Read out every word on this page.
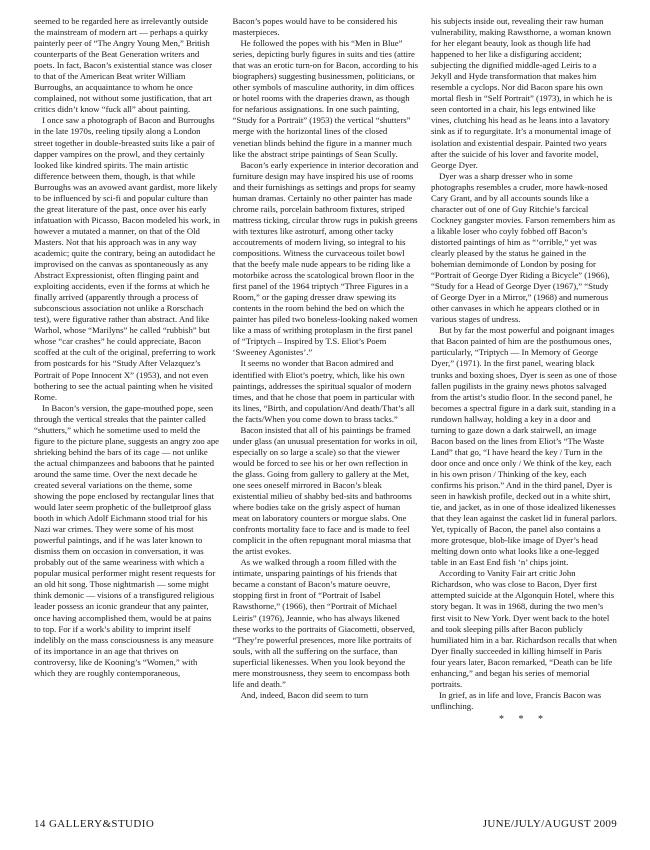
seemed to be regarded here as irrelevantly outside the mainstream of modern art — perhaps a quirky painterly peer of “The Angry Young Men,” British counterparts of the Beat Generation writers and poets. In fact, Bacon’s existential stance was closer to that of the American Beat writer William Burroughs, an acquaintance to whom he once complained, not without some justification, that art critics didn’t know “fuck all” about painting.

I once saw a photograph of Bacon and Burroughs in the late 1970s, reeling tipsily along a London street together in double-breasted suits like a pair of dapper vampires on the prowl, and they certainly looked like kindred spirits. The main artistic difference between them, though, is that while Burroughs was an avowed avant gardist, more likely to be influenced by sci-fi and popular culture than the great literature of the past, once over his early infatuation with Picasso, Bacon modeled his work, in however a mutated a manner, on that of the Old Masters. Not that his approach was in any way academic; quite the contrary, being an autodidact he improvised on the canvas as spontaneously as any Abstract Expressionist, often flinging paint and exploiting accidents, even if the forms at which he finally arrived (apparently through a process of subconscious association not unlike a Rorschach test), were figurative rather than abstract. And like Warhol, whose “Marilyns” he called “rubbish” but whose “car crashes” he could appreciate, Bacon scoffed at the cult of the original, preferring to work from postcards for his “Study After Velazquez’s Portrait of Pope Innocent X” (1953), and not even bothering to see the actual painting when he visited Rome.

In Bacon’s version, the gape-mouthed pope, seen through the vertical streaks that the painter called “shutters,” which he sometime used to meld the figure to the picture plane, suggests an angry zoo ape shrieking behind the bars of its cage — not unlike the actual chimpanzees and baboons that he painted around the same time. Over the next decade he created several variations on the theme, some showing the pope enclosed by rectangular lines that would later seem prophetic of the bulletproof glass booth in which Adolf Eichmann stood trial for his Nazi war crimes. They were some of his most powerful paintings, and if he was later known to dismiss them on occasion in conversation, it was probably out of the same weariness with which a popular musical performer might resent requests for an old hit song. Those nightmarish — some might think demonic — visions of a transfigured religious leader possess an iconic grandeur that any painter, once having accomplished them, would be at pains to top. For if a work’s ability to imprint itself indelibly on the mass consciousness is any measure of its importance in an age that thrives on controversy, like de Kooning’s “Women,” with which they are roughly contemporaneous,

Bacon’s popes would have to be considered his masterpieces.

He followed the popes with his “Men in Blue” series, depicting burly figures in suits and ties (attire that was an erotic turn-on for Bacon, according to his biographers) suggesting businessmen, politicians, or other symbols of masculine authority, in dim offices or hotel rooms with the draperies drawn, as though for nefarious assignations. In one such painting, “Study for a Portrait” (1953) the vertical “shutters” merge with the horizontal lines of the closed venetian blinds behind the figure in a manner much like the abstract stripe paintings of Sean Scully.

Bacon’s early experience in interior decoration and furniture design may have inspired his use of rooms and their furnishings as settings and props for seamy human dramas. Certainly no other painter has made chrome rails, porcelain bathroom fixtures, striped mattress ticking, circular throw rugs in pukish greens with textures like astroturf, among other tacky accoutrements of modern living, so integral to his compositions. Witness the curvaceous toilet bowl that the beefy male nude appears to be riding like a motorbike across the scatological brown floor in the first panel of the 1964 triptych “Three Figures in a Room,” or the gaping dresser draw spewing its contents in the room behind the bed on which the painter has piled two boneless-looking naked women like a mass of writhing protoplasm in the first panel of “Triptych – Inspired by T.S. Eliot’s Poem ‘Sweeney Agonistes’.”

It seems no wonder that Bacon admired and identified with Eliot’s poetry, which, like his own paintings, addresses the spiritual squalor of modern times, and that he chose that poem in particular with its lines, “Birth, and copulation/And death/That’s all the facts/When you come down to brass tacks.”

Bacon insisted that all of his paintings be framed under glass (an unusual presentation for works in oil, especially on so large a scale) so that the viewer would be forced to see his or her own reflection in the glass. Going from gallery to gallery at the Met, one sees oneself mirrored in Bacon’s bleak existential milieu of shabby bed-sits and bathrooms where bodies take on the grisly aspect of human meat on laboratory counters or morgue slabs. One confronts mortality face to face and is made to feel complicit in the often repugnant moral miasma that the artist evokes.

As we walked through a room filled with the intimate, unsparing paintings of his friends that became a constant of Bacon’s mature oeuvre, stopping first in front of “Portrait of Isabel Rawsthorne,” (1966), then “Portrait of Michael Leiris” (1976), Jeannie, who has always likened these works to the portraits of Giacometti, observed, “They’re powerful presences, more like portraits of souls, with all the suffering on the surface, than superficial likenesses. When you look beyond the mere monstrousness, they seem to encompass both life and death.”

And, indeed, Bacon did seem to turn

his subjects inside out, revealing their raw human vulnerability, making Rawsthorne, a woman known for her elegant beauty, look as though life had happened to her like a disfiguring accident; subjecting the dignified middle-aged Leiris to a Jekyll and Hyde transformation that makes him resemble a cyclops. Nor did Bacon spare his own mortal flesh in “Self Portrait” (1973), in which he is seen contorted in a chair, his legs entwined like vines, clutching his head as he leans into a lavatory sink as if to regurgitate. It’s a monumental image of isolation and existential despair. Painted two years after the suicide of his lover and favorite model, George Dyer.

Dyer was a sharp dresser who in some photographs resembles a cruder, more hawk-nosed Cary Grant, and by all accounts sounds like a character out of one of Guy Ritchie’s farcical Cockney gangster movies. Farson remembers him as a likable loser who coyly fobbed off Bacon’s distorted paintings of him as “‘orrible,” yet was clearly pleased by the status he gained in the bohemian demimonde of London by posing for “Portrait of George Dyer Riding a Bicycle” (1966), “Study for a Head of George Dyer (1967),” “Study of George Dyer in a Mirror,” (1968) and numerous other canvases in which he appears clothed or in various stages of undress.

But by far the most powerful and poignant images that Bacon painted of him are the posthumous ones, particularly, “Triptych — In Memory of George Dyer,” (1971). In the first panel, wearing black trunks and boxing shoes, Dyer is seen as one of those fallen pugilists in the grainy news photos salvaged from the artist’s studio floor. In the second panel, he becomes a spectral figure in a dark suit, standing in a rundown hallway, holding a key in a door and turning to gaze down a dark stairwell, an image Bacon based on the lines from Eliot’s “The Waste Land” that go, “I have heard the key / Turn in the door once and once only / We think of the key, each in his own prison / Thinking of the key, each confirms his prison.” And in the third panel, Dyer is seen in hawkish profile, decked out in a white shirt, tie, and jacket, as in one of those idealized likenesses that they lean against the casket lid in funeral parlors. Yet, typically of Bacon, the panel also contains a more grotesque, blob-like image of Dyer’s head melting down onto what looks like a one-legged table in an East End fish ‘n’ chips joint.

According to Vanity Fair art critic John Richardson, who was close to Bacon, Dyer first attempted suicide at the Algonquin Hotel, where this story began. It was in 1968, during the two men’s first visit to New York. Dyer went back to the hotel and took sleeping pills after Bacon publicly humiliated him in a bar. Richardson recalls that when Dyer finally succeeded in killing himself in Paris four years later, Bacon remarked, “Death can be life enhancing,” and began his series of memorial portraits.

In grief, as in life and love, Francis Bacon was unflinching.

* * *
14 GALLERY&STUDIO	JUNE/JULY/AUGUST 2009
